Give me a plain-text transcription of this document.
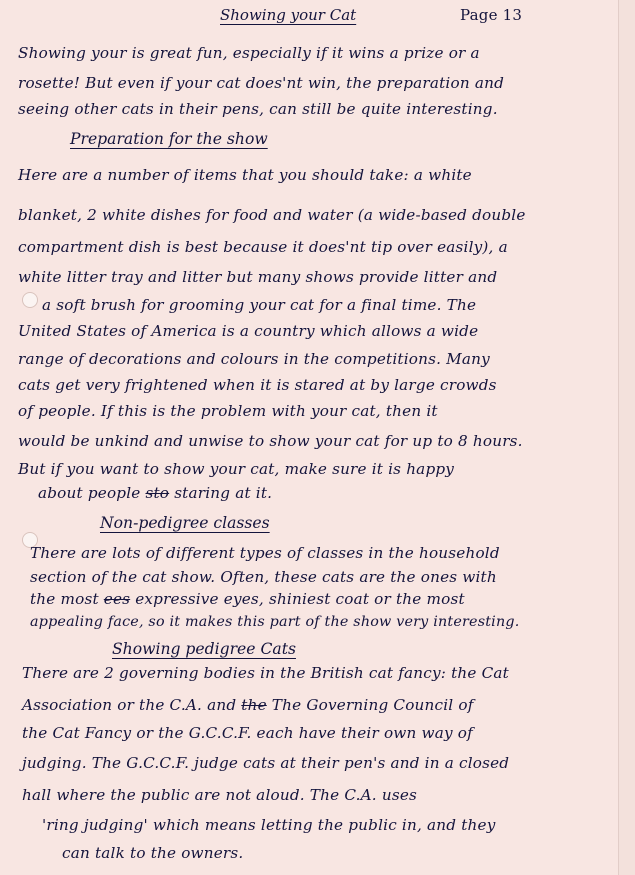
Showing your Cat	Page 13
Showing your is great fun, especially if it wins a prize or a
rosette! But even if your cat does'nt win, the preparation and
seeing other cats in their pens, can still be quite interesting.
Preparation for the show
Here are a number of items that you should take: a white
blanket, 2 white dishes for food and water (a wide-based double
compartment dish is best because it does'nt tip over easily), a
white litter tray and litter but many shows provide litter and
a soft brush for grooming your cat for a final time. The
United States of America is a country which allows a wide
range of decorations and colours in the competitions. Many
cats get very frightened when it is stared at by large crowds
of people. If this is the problem with your cat, then it
would be unkind and unwise to show your cat for up to 8 hours.
But if you want to show your cat, make sure it is happy
about people sto staring at it.
Non-pedigree classes
There are lots of different types of classes in the household
section of the cat show. Often, these cats are the ones with
the most ees expressive eyes, shiniest coat or the most
appealing face, so it makes this part of the show very interesting.
Showing pedigree Cats
There are 2 governing bodies in the British cat fancy: the Cat
Association or the C.A. and the The Governing Council of
the Cat Fancy or the G.C.C.F. each have their own way of
judging. The G.C.C.F. judge cats at their pen's and in a closed
hall where the public are not aloud. The C.A. uses
'ring judging' which means letting the public in, and they
can talk to the owners.
